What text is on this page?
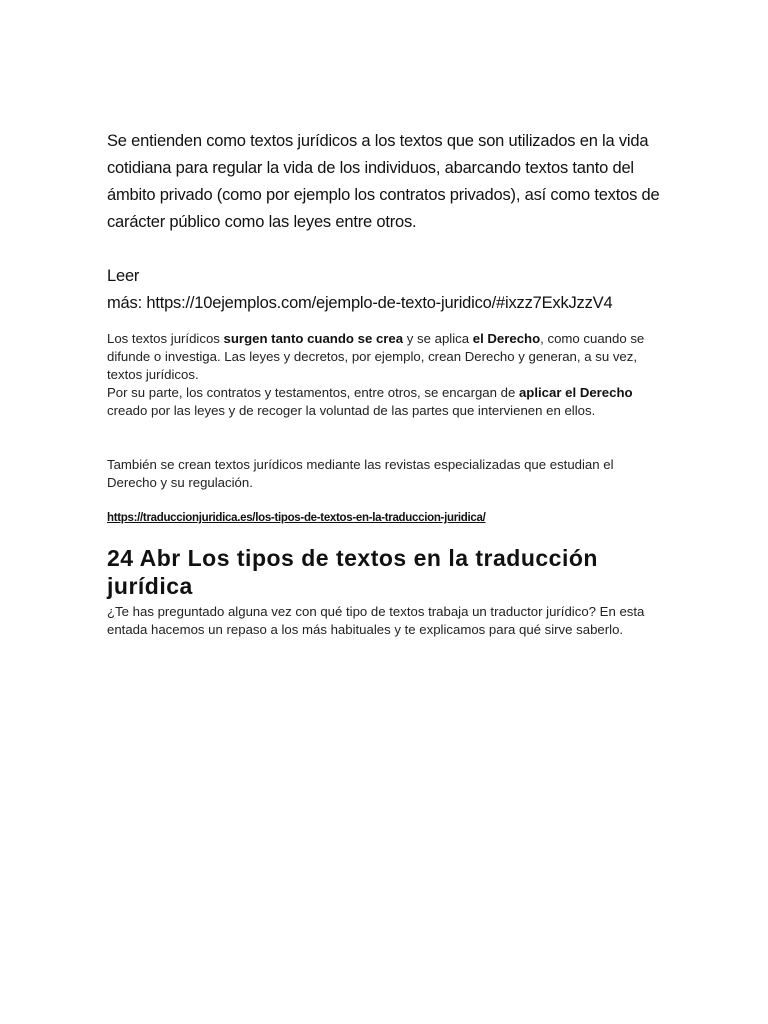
Se entienden como textos jurídicos a los textos que son utilizados en la vida cotidiana para regular la vida de los individuos, abarcando textos tanto del ámbito privado (como por ejemplo los contratos privados), así como textos de carácter público como las leyes entre otros.

Leer
más: https://10ejemplos.com/ejemplo-de-texto-juridico/#ixzz7ExkJzzV4
Los textos jurídicos surgen tanto cuando se crea y se aplica el Derecho, como cuando se difunde o investiga. Las leyes y decretos, por ejemplo, crean Derecho y generan, a su vez, textos jurídicos.
Por su parte, los contratos y testamentos, entre otros, se encargan de aplicar el Derecho creado por las leyes y de recoger la voluntad de las partes que intervienen en ellos.

También se crean textos jurídicos mediante las revistas especializadas que estudian el Derecho y su regulación.

https://traduccionjuridica.es/los-tipos-de-textos-en-la-traduccion-juridica/
24 Abr Los tipos de textos en la traducción jurídica

¿Te has preguntado alguna vez con qué tipo de textos trabaja un traductor jurídico? En esta entada hacemos un repaso a los más habituales y te explicamos para qué sirve saberlo.
